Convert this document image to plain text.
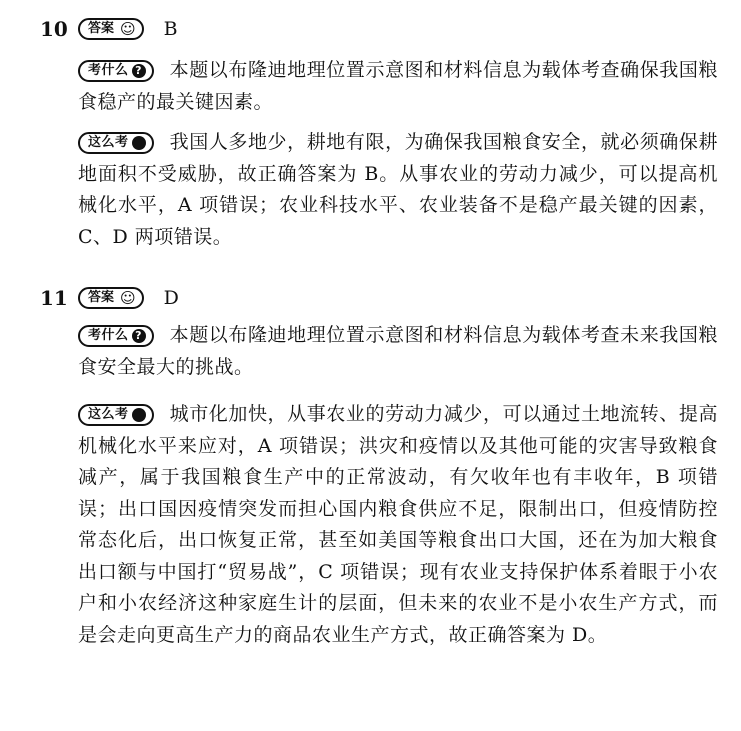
10	答案 ☺ B
考什么 ? 本题以布隆迪地理位置示意图和材料信息为载体考查确保我国粮食稳产的最关键因素。
这么考 我国人多地少，耕地有限，为确保我国粮食安全，就必须确保耕地面积不受威胁，故正确答案为 B。从事农业的劳动力减少，可以提高机械化水平，A 项错误；农业科技水平、农业装备不是稳产最关键的因素，C、D 两项错误。
11	答案 ☺ D
考什么 ? 本题以布隆迪地理位置示意图和材料信息为载体考查未来我国粮食安全最大的挑战。
这么考 城市化加快，从事农业的劳动力减少，可以通过土地流转、提高机械化水平来应对，A 项错误；洪灾和疫情以及其他可能的灾害导致粮食减产，属于我国粮食生产中的正常波动，有欠收年也有丰收年，B 项错误；出口国因疫情突发而担心国内粮食供应不足，限制出口，但疫情防控常态化后，出口恢复正常，甚至如美国等粮食出口大国，还在为加大粮食出口额与中国打“贸易战”，C 项错误；现有农业支持保护体系着眼于小农户和小农经济这种家庭生计的层面，但未来的农业不是小农生产方式，而是会走向更高生产力的商品农业生产方式，故正确答案为 D。
